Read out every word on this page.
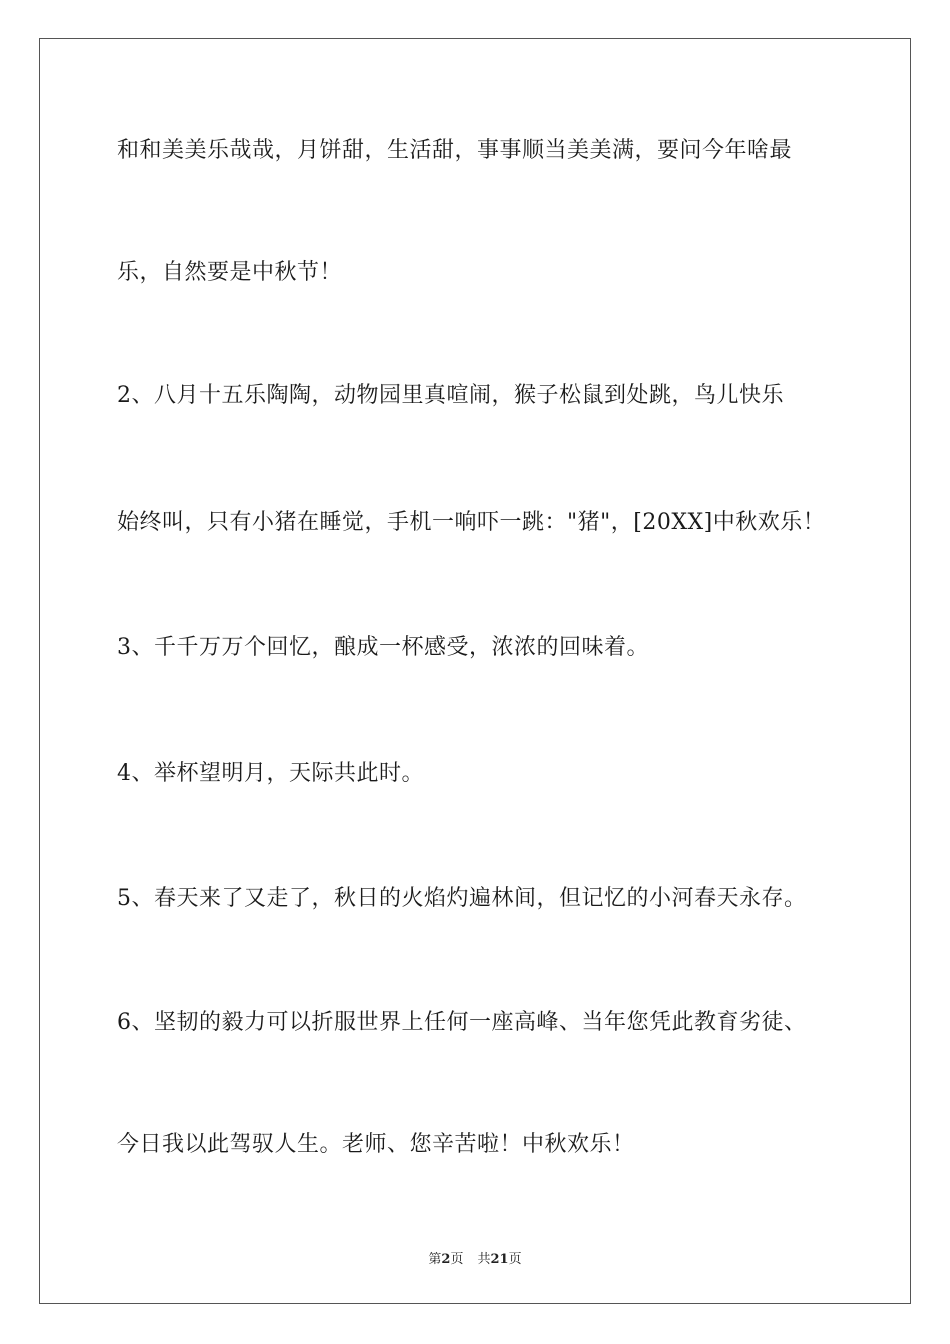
和和美美乐哉哉，月饼甜，生活甜，事事顺当美美满，要问今年啥最
乐，自然要是中秋节！
2、八月十五乐陶陶，动物园里真喧闹，猴子松鼠到处跳，鸟儿快乐
始终叫，只有小猪在睡觉，手机一响吓一跳："猪"，[20XX]中秋欢乐！
3、千千万万个回忆，酿成一杯感受，浓浓的回味着。
4、举杯望明月，天际共此时。
5、春天来了又走了，秋日的火焰灼遍林间，但记忆的小河春天永存。
6、坚韧的毅力可以折服世界上任何一座高峰、当年您凭此教育劣徒、
今日我以此驾驭人生。老师、您辛苦啦！中秋欢乐！
第2页 共21页
